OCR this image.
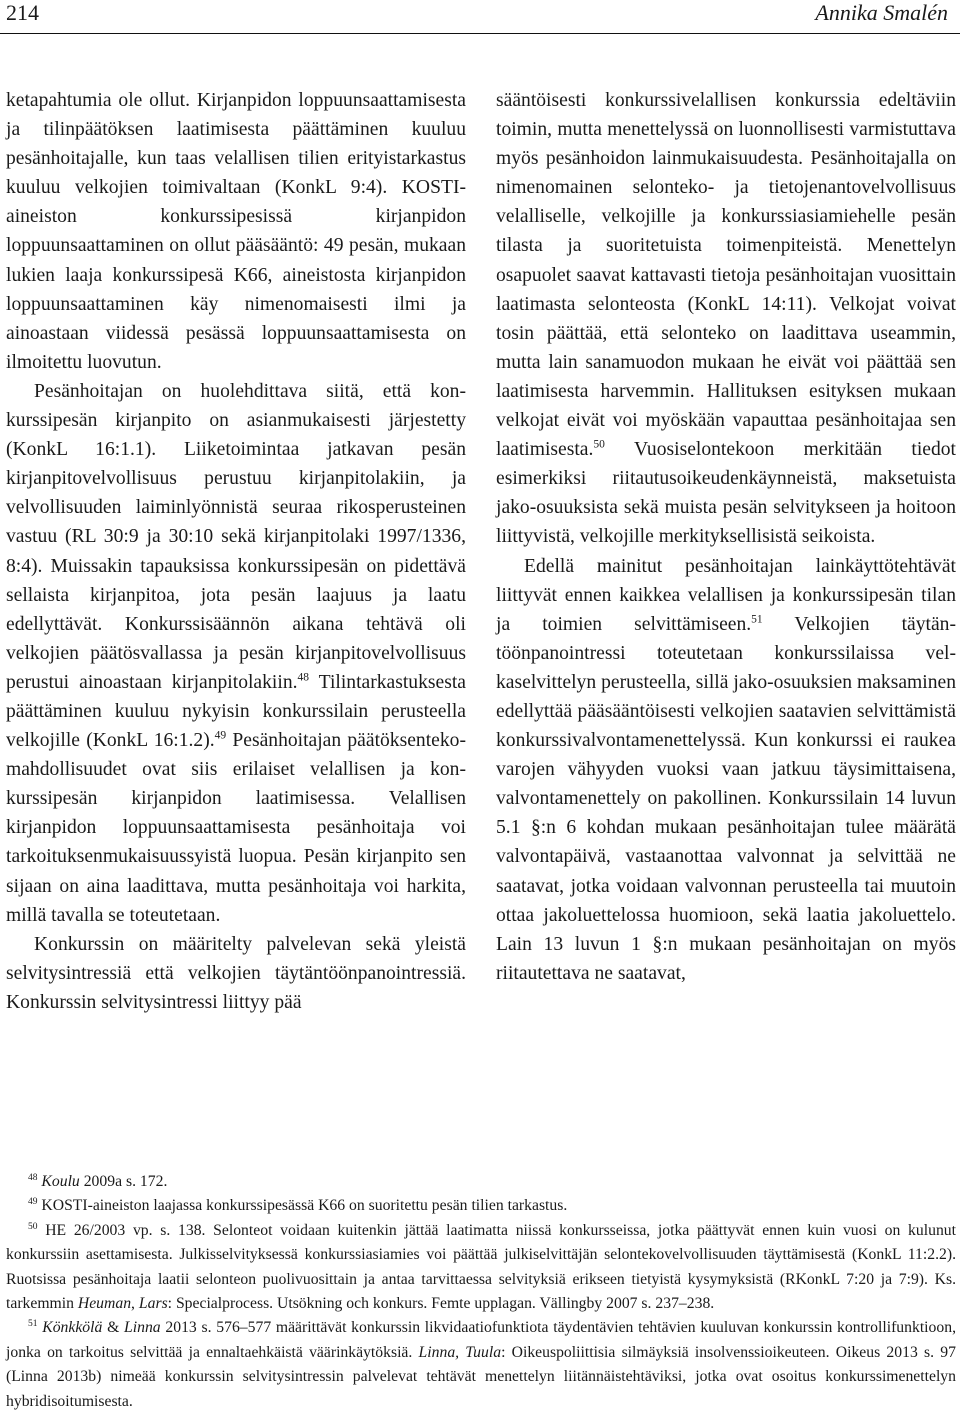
214	Annika Smalén

ketapahtumia ole ollut. Kirjanpidon loppuunsaattamisesta ja tilinpäätöksen laatimisesta päättäminen kuuluu pesänhoitajalle, kun taas velallisen tilien erityistarkastus kuuluu velkojien toimivaltaan (KonkL 9:4). KOSTI-aineiston konkurssipesissä kirjanpidon loppuunsaattaminen on ollut pääsääntö: 49 pesän, mukaan lukien laaja konkurssipesä K66, aineistosta kirjanpidon loppuunsaattaminen käy nimenomaisesti ilmi ja ainoastaan viidessä pesässä loppuunsaattamisesta on ilmoitettu luovutun.

Pesänhoitajan on huolehdittava siitä, että konkurssipesän kirjanpito on asianmukaisesti järjestetty (KonkL 16:1.1). Liiketoimintaa jatkavan pesän kirjanpitovelvollisuus perustuu kirjanpitolakiin, ja velvollisuuden laiminlyönnistä seuraa rikosperusteinen vastuu (RL 30:9 ja 30:10 sekä kirjanpitolaki 1997/1336, 8:4). Muissakin tapauksissa konkurssipesän on pidettävä sellaista kirjanpitoa, jota pesän laajuus ja laatu edellyttävät. Konkurssisäännön aikana tehtävä oli velkojien päätösvallassa ja pesän kirjanpitovelvollisuus perustui ainoastaan kirjanpitolakiin.$^{48}$ Tilintarkastuksesta päättäminen kuuluu nykyisin konkurssilain perusteella velkojille (KonkL 16:1.2).$^{49}$ Pesänhoitajan päätöksentekomahdollisuudet ovat siis erilaiset velallisen ja konkurssipesän kirjanpidon laatimisessa. Velallisen kirjanpidon loppuunsaattamisesta pesänhoitaja voi tarkoituksenmukaisuussyistä luopua. Pesän kirjanpito sen sijaan on aina laadittava, mutta pesänhoitaja voi harkita, millä tavalla se toteutetaan.

Konkurssin on määritelty palvelevan sekä yleistä selvitysintressiä että velkojien täytäntöönpanointressiä. Konkurssin selvitysintressi liittyy pää

sääntöisesti konkurssivelallisen konkurssia edeltäviin toimin, mutta menettelyssä on luonnollisesti varmistuttava myös pesänhoidon lainmukaisuudesta. Pesänhoitajalla on nimenomainen selonteko- ja tietojenantovelvollisuus velalliselle, velkojille ja konkurssiasiamiehelle pesän tilasta ja suoritetuista toimenpiteistä. Menettelyn osapuolet saavat kattavasti tietoja pesänhoitajan vuosittain laatimasta selonteosta (KonkL 14:11). Velkojat voivat tosin päättää, että selonteko on laadittava useammin, mutta lain sanamuodon mukaan he eivät voi päättää sen laatimisesta harvemmin. Hallituksen esityksen mukaan velkojat eivät voi myöskään vapauttaa pesänhoitajaa sen laatimisesta.$^{50}$ Vuosiselontekoon merkitään tiedot esimerkiksi riitautusoikeudenkäynneistä, maksetuista jako-osuuksista sekä muista pesän selvitykseen ja hoitoon liittyvistä, velkojille merkityksellisistä seikoista.

Edellä mainitut pesänhoitajan lainkäyttötehtävät liittyvät ennen kaikkea velallisen ja konkurssipesän tilan ja toimien selvittämiseen.$^{51}$ Velkojien täytäntöönpanointressi toteutetaan konkurssilaissa velkaselvittelyn perusteella, sillä jako-osuuksien maksaminen edellyttää pääsääntöisesti velkojien saatavien selvittämistä konkurssivalvontamenettelyssä. Kun konkurssi ei raukea varojen vähyyden vuoksi vaan jatkuu täysimittaisena, valvontamenettely on pakollinen. Konkurssilain 14 luvun 5.1 §:n 6 kohdan mukaan pesänhoitajan tulee määrätä valvontapäivä, vastaanottaa valvonnat ja selvittää ne saatavat, jotka voidaan valvonnan perusteella tai muutoin ottaa jakoluettelossa huomioon, sekä laatia jakoluettelo. Lain 13 luvun 1 §:n mukaan pesänhoitajan on myös riitautettava ne saatavat,

$^{48}$ Koulu 2009a s. 172.

$^{49}$ KOSTI-aineiston laajassa konkurssipesässä K66 on suoritettu pesän tilien tarkastus.

$^{50}$ HE 26/2003 vp. s. 138. Selonteot voidaan kuitenkin jättää laatimatta niissä konkursseissa, jotka päättyvät ennen kuin vuosi on kulunut konkurssiin asettamisesta. Julkisselvityksessä konkurssiasiamies voi päättää julkiselvittäjän selontekovelvollisuuden täyttämisestä (KonkL 11:2.2). Ruotsissa pesänhoitaja laatii selonteon puolivuosittain ja antaa tarvittaessa selvityksiä erikseen tietyistä kysymyksistä (RKonkL 7:20 ja 7:9). Ks. tarkemmin Heuman, Lars: Specialprocess. Utsökning och konkurs. Femte upplagan. Vällingby 2007 s. 237–238.

$^{51}$ Könkkölä & Linna 2013 s. 576–577 määrittävät konkurssin likvidaatiofunktiota täydentävien tehtävien kuuluvan konkurssin kontrollifunktioon, jonka on tarkoitus selvittää ja ennaltaehkäistä väärinkäytöksiä. Linna, Tuula: Oikeuspoliittisia silmäyksiä insolvenssioikeuteen. Oikeus 2013 s. 97 (Linna 2013b) nimeää konkurssin selvitysintressin palvelevat tehtävät menettelyn liitännäistehtäviksi, jotka ovat osoitus konkurssimenettelyn hybridisoitumisesta.
